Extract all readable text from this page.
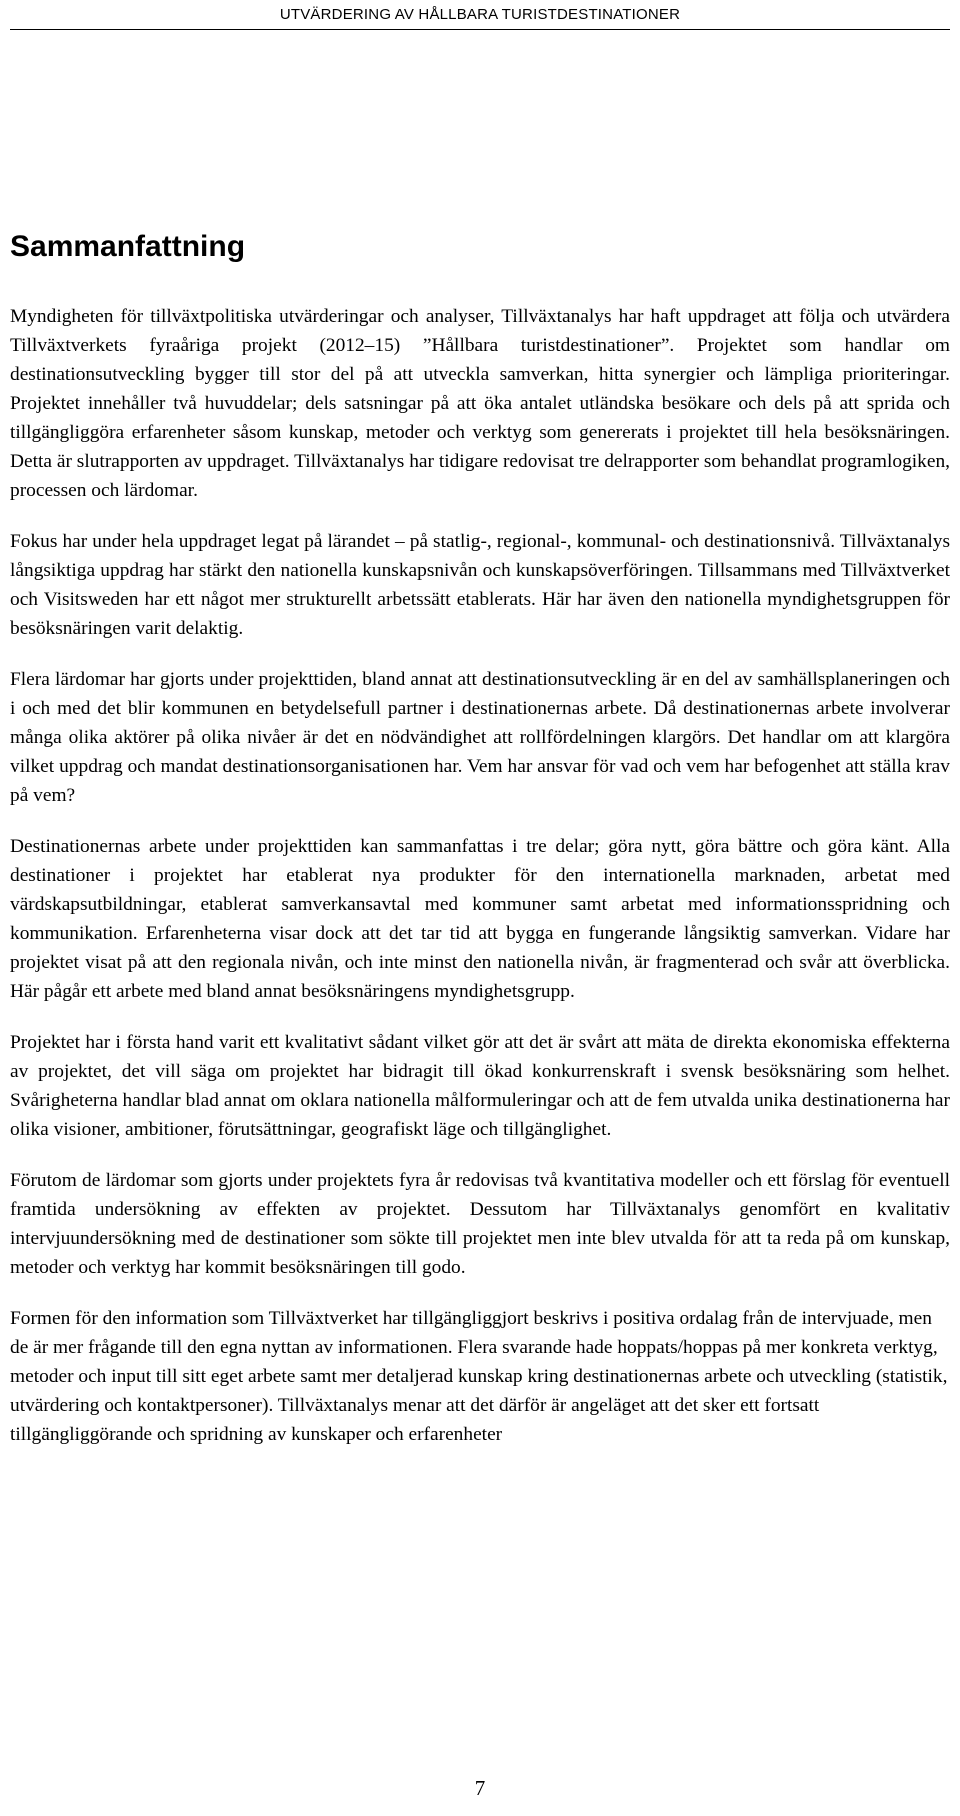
UTVÄRDERING AV HÅLLBARA TURISTDESTINATIONER
Sammanfattning

Myndigheten för tillväxtpolitiska utvärderingar och analyser, Tillväxtanalys har haft uppdraget att följa och utvärdera Tillväxtverkets fyraåriga projekt (2012–15) ”Hållbara turistdestinationer”. Projektet som handlar om destinationsutveckling bygger till stor del på att utveckla samverkan, hitta synergier och lämpliga prioriteringar. Projektet innehåller två huvuddelar; dels satsningar på att öka antalet utländska besökare och dels på att sprida och tillgängliggöra erfarenheter såsom kunskap, metoder och verktyg som genererats i projektet till hela besöksnäringen. Detta är slutrapporten av uppdraget. Tillväxtanalys har tidigare redovisat tre delrapporter som behandlat programlogiken, processen och lärdomar.

Fokus har under hela uppdraget legat på lärandet – på statlig-, regional-, kommunal- och destinationsnivå. Tillväxtanalys långsiktiga uppdrag har stärkt den nationella kunskapsnivån och kunskapsöverföringen. Tillsammans med Tillväxtverket och Visitsweden har ett något mer strukturellt arbetssätt etablerats. Här har även den nationella myndighetsgruppen för besöksnäringen varit delaktig.

Flera lärdomar har gjorts under projekttiden, bland annat att destinationsutveckling är en del av samhällsplaneringen och i och med det blir kommunen en betydelsefull partner i destinationernas arbete. Då destinationernas arbete involverar många olika aktörer på olika nivåer är det en nödvändighet att rollfördelningen klargörs. Det handlar om att klargöra vilket uppdrag och mandat destinationsorganisationen har. Vem har ansvar för vad och vem har befogenhet att ställa krav på vem?

Destinationernas arbete under projekttiden kan sammanfattas i tre delar; göra nytt, göra bättre och göra känt. Alla destinationer i projektet har etablerat nya produkter för den internationella marknaden, arbetat med värdskapsutbildningar, etablerat samverkansavtal med kommuner samt arbetat med informationsspridning och kommunikation. Erfarenheterna visar dock att det tar tid att bygga en fungerande långsiktig samverkan. Vidare har projektet visat på att den regionala nivån, och inte minst den nationella nivån, är fragmenterad och svår att överblicka. Här pågår ett arbete med bland annat besöksnäringens myndighetsgrupp.

Projektet har i första hand varit ett kvalitativt sådant vilket gör att det är svårt att mäta de direkta ekonomiska effekterna av projektet, det vill säga om projektet har bidragit till ökad konkurrenskraft i svensk besöksnäring som helhet. Svårigheterna handlar blad annat om oklara nationella målformuleringar och att de fem utvalda unika destinationerna har olika visioner, ambitioner, förutsättningar, geografiskt läge och tillgänglighet.

Förutom de lärdomar som gjorts under projektets fyra år redovisas två kvantitativa modeller och ett förslag för eventuell framtida undersökning av effekten av projektet. Dessutom har Tillväxtanalys genomfört en kvalitativ intervjuundersökning med de destinationer som sökte till projektet men inte blev utvalda för att ta reda på om kunskap, metoder och verktyg har kommit besöksnäringen till godo.

Formen för den information som Tillväxtverket har tillgängliggjort beskrivs i positiva ordalag från de intervjuade, men de är mer frågande till den egna nyttan av informationen. Flera svarande hade hoppats/hoppas på mer konkreta verktyg, metoder och input till sitt eget arbete samt mer detaljerad kunskap kring destinationernas arbete och utveckling (statistik, utvärdering och kontaktpersoner). Tillväxtanalys menar att det därför är angeläget att det sker ett fortsatt tillgängliggörande och spridning av kunskaper och erfarenheter

7
